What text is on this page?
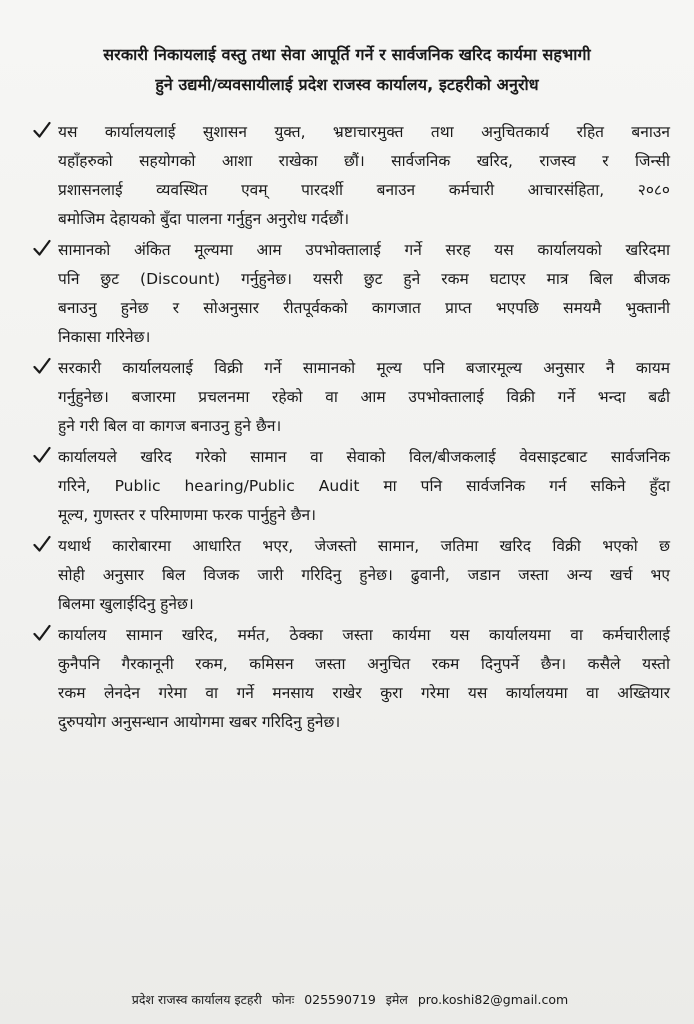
सरकारी निकायलाई वस्तु तथा सेवा आपूर्ति गर्ने र सार्वजनिक खरिद कार्यमा सहभागी
हुने उद्यमी/व्यवसायीलाई प्रदेश राजस्व कार्यालय, इटहरीको अनुरोध
यस कार्यालयलाई सुशासन युक्त, भ्रष्टाचारमुक्त तथा अनुचितकार्य रहित बनाउन
यहाँहरुको सहयोगको आशा राखेका छौं। सार्वजनिक खरिद, राजस्व र जिन्सी
प्रशासनलाई व्यवस्थित एवम् पारदर्शी बनाउन कर्मचारी आचारसंहिता, २०८०
बमोजिम देहायको बुँदा पालना गर्नुहुन अनुरोध गर्दछौं।
सामानको अंकित मूल्यमा आम उपभोक्तालाई गर्ने सरह यस कार्यालयको खरिदमा
पनि छुट (Discount) गर्नुहुनेछ। यसरी छुट हुने रकम घटाएर मात्र बिल बीजक
बनाउनु हुनेछ र सोअनुसार रीतपूर्वकको कागजात प्राप्त भएपछि समयमै भुक्तानी
निकासा गरिनेछ।
सरकारी कार्यालयलाई विक्री गर्ने सामानको मूल्य पनि बजारमूल्य अनुसार नै कायम
गर्नुहुनेछ। बजारमा प्रचलनमा रहेको वा आम उपभोक्तालाई विक्री गर्ने भन्दा बढी
हुने गरी बिल वा कागज बनाउनु हुने छैन।
कार्यालयले खरिद गरेको सामान वा सेवाको विल/बीजकलाई वेवसाइटबाट सार्वजनिक
गरिने, Public hearing/Public Audit मा पनि सार्वजनिक गर्न सकिने हुँदा
मूल्य, गुणस्तर र परिमाणमा फरक पार्नुहुने छैन।
यथार्थ कारोबारमा आधारित भएर, जेजस्तो सामान, जतिमा खरिद विक्री भएको छ
सोही अनुसार बिल विजक जारी गरिदिनु हुनेछ। ढुवानी, जडान जस्ता अन्य खर्च भए
बिलमा खुलाईदिनु हुनेछ।
कार्यालय सामान खरिद, मर्मत, ठेक्का जस्ता कार्यमा यस कार्यालयमा वा कर्मचारीलाई
कुनैपनि गैरकानूनी रकम, कमिसन जस्ता अनुचित रकम दिनुपर्ने छैन। कसैले यस्तो
रकम लेनदेन गरेमा वा गर्ने मनसाय राखेर कुरा गरेमा यस कार्यालयमा वा अख्तियार
दुरुपयोग अनुसन्धान आयोगमा खबर गरिदिनु हुनेछ।
प्रदेश राजस्व कार्यालय इटहरी फोनः 025590719 इमेल pro.koshi82@gmail.com
